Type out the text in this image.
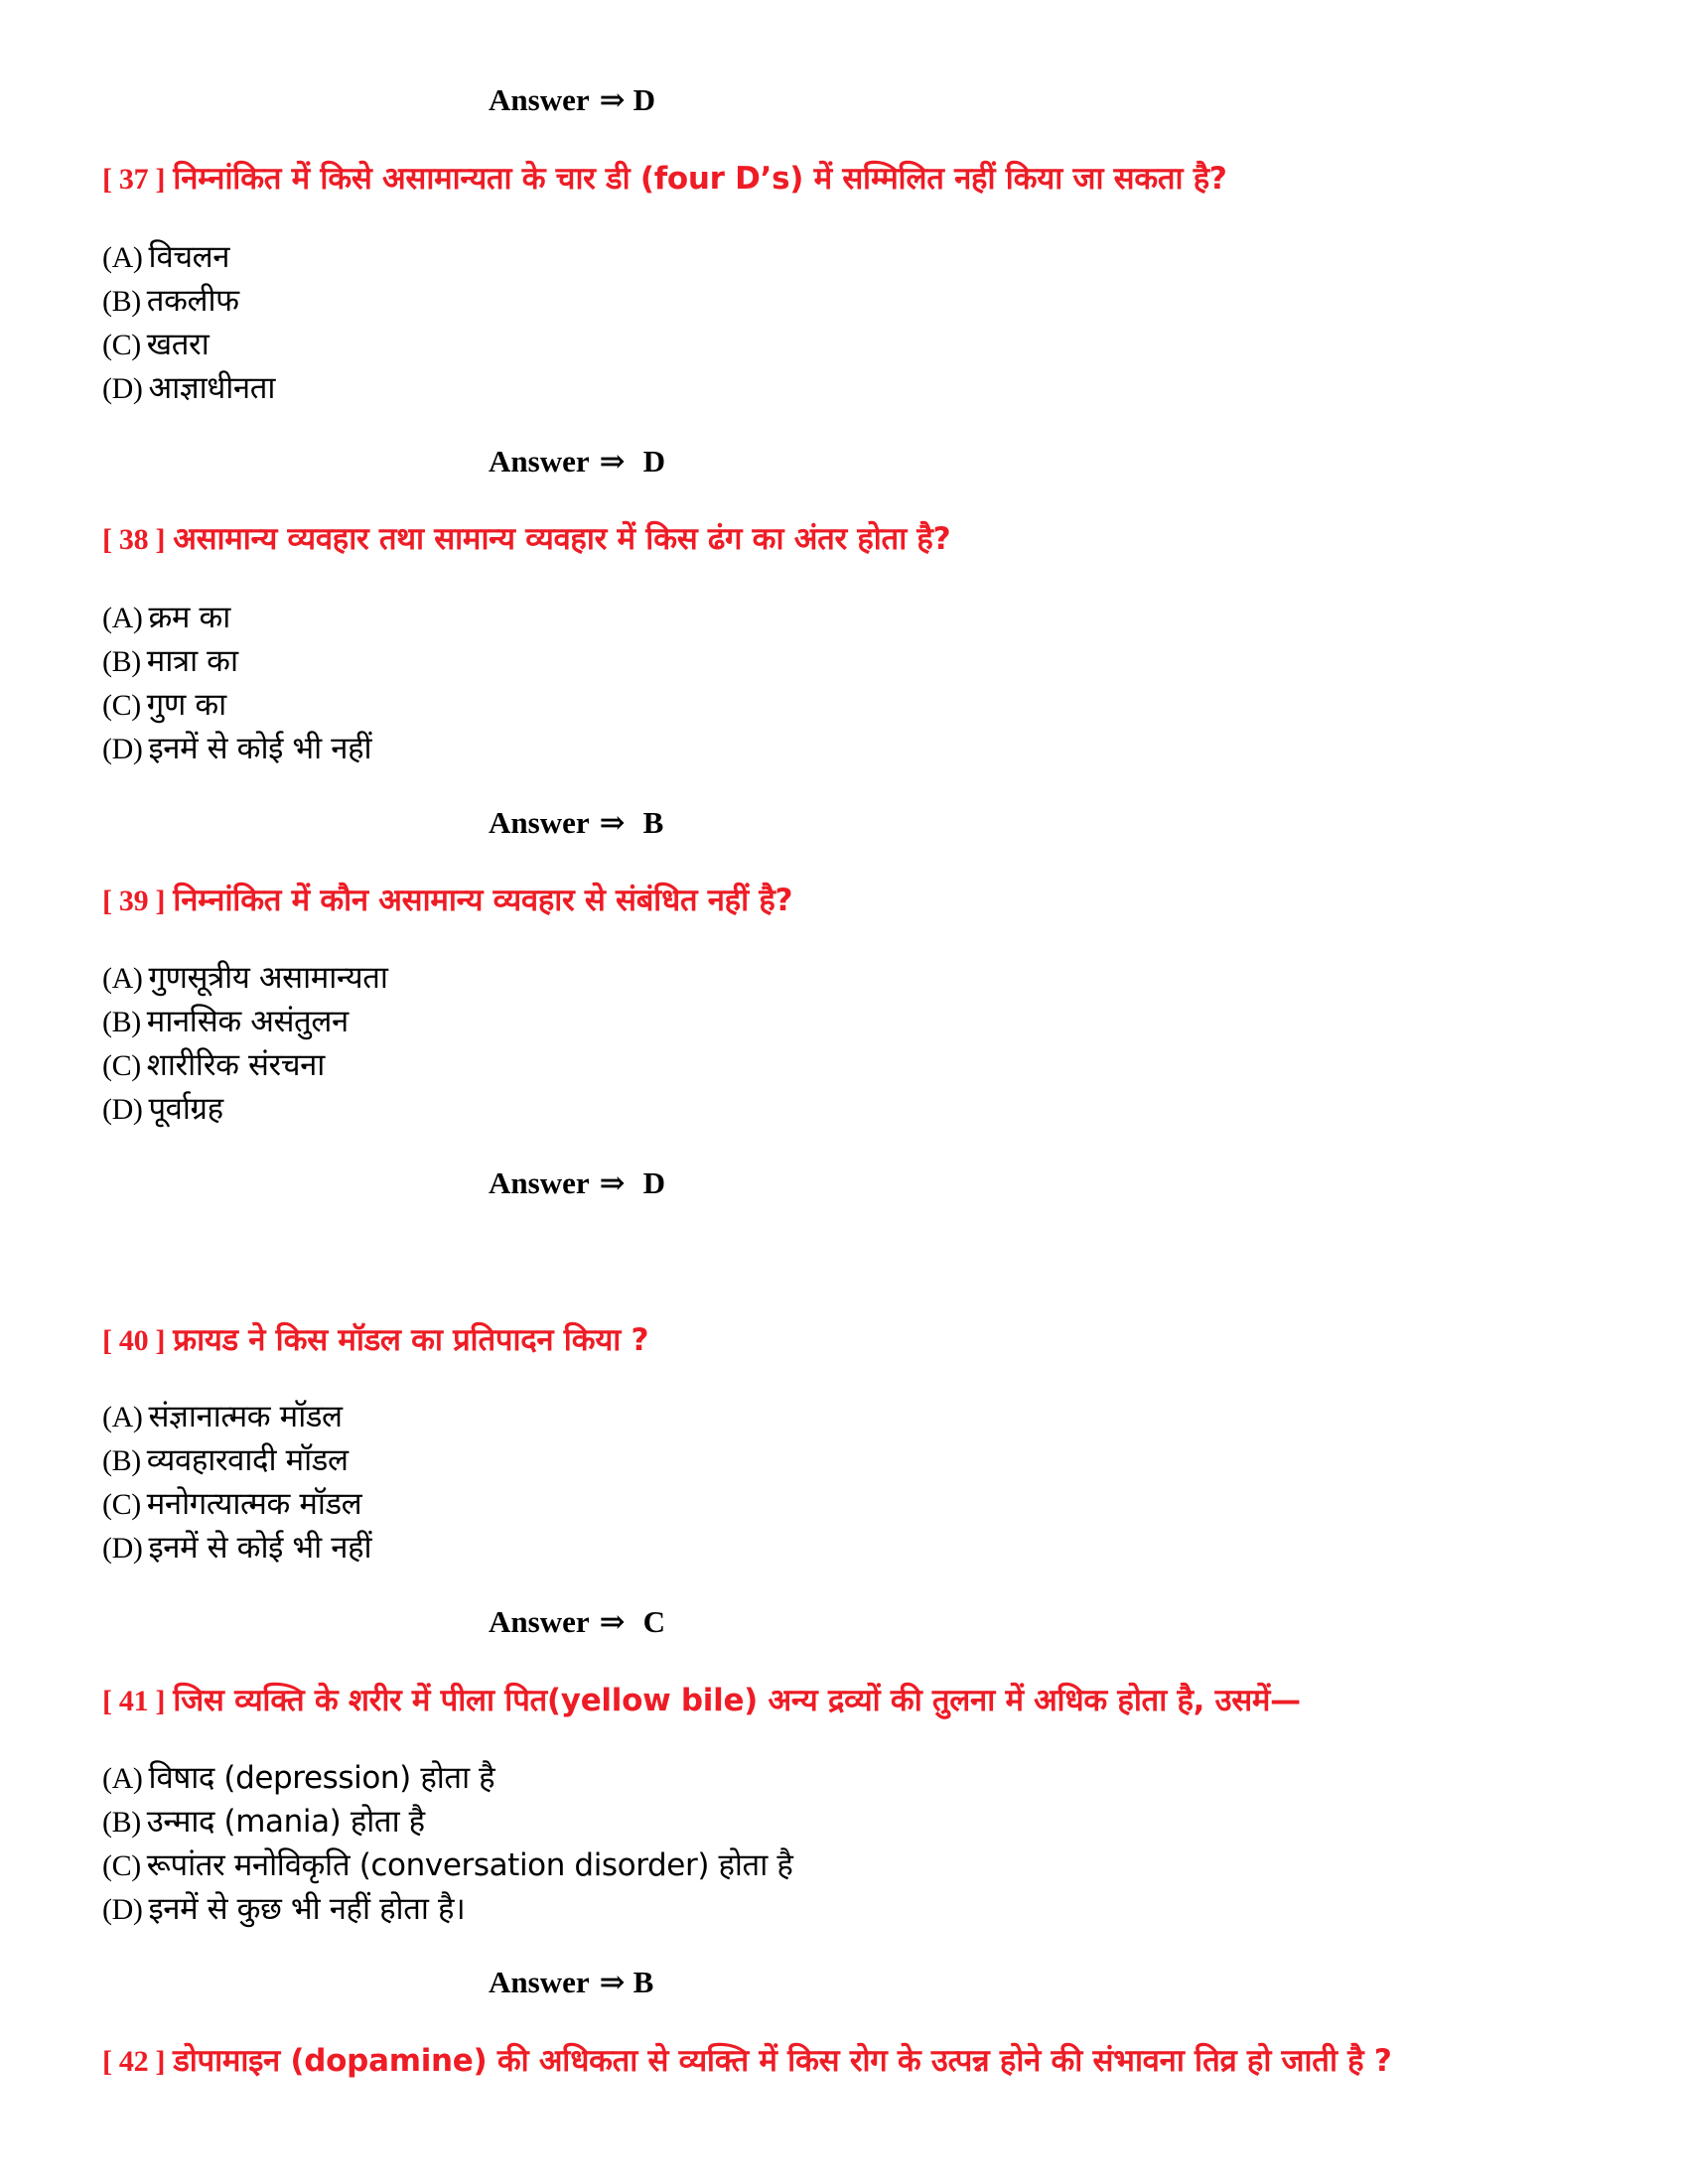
Answer ⇒ D
[ 37 ] निम्नांकित में किसे असामान्यता के चार डी (four D’s) में सम्मिलित नहीं किया जा सकता है?
(A) विचलन
(B) तकलीफ
(C) खतरा
(D) आज्ञाधीनता
Answer ⇒ D
[ 38 ] असामान्य व्यवहार तथा सामान्य व्यवहार में किस ढंग का अंतर होता है?
(A) क्रम का
(B) मात्रा का
(C) गुण का
(D) इनमें से कोई भी नहीं
Answer ⇒ B
[ 39 ] निम्नांकित में कौन असामान्य व्यवहार से संबंधित नहीं है?
(A) गुणसूत्रीय असामान्यता
(B) मानसिक असंतुलन
(C) शारीरिक संरचना
(D) पूर्वाग्रह
Answer ⇒ D
[ 40 ] फ्रायड ने किस मॉडल का प्रतिपादन किया ?
(A) संज्ञानात्मक मॉडल
(B) व्यवहारवादी मॉडल
(C) मनोगत्यात्मक मॉडल
(D) इनमें से कोई भी नहीं
Answer ⇒ C
[ 41 ] जिस व्यक्ति के शरीर में पीला पित(yellow bile) अन्य द्रव्यों की तुलना में अधिक होता है, उसमें—
(A) विषाद (depression) होता है
(B) उन्माद (mania) होता है
(C) रूपांतर मनोविकृति (conversation disorder) होता है
(D) इनमें से कुछ भी नहीं होता है।
Answer ⇒ B
[ 42 ] डोपामाइन (dopamine) की अधिकता से व्यक्ति में किस रोग के उत्पन्न होने की संभावना तिव्र हो जाती है ?
